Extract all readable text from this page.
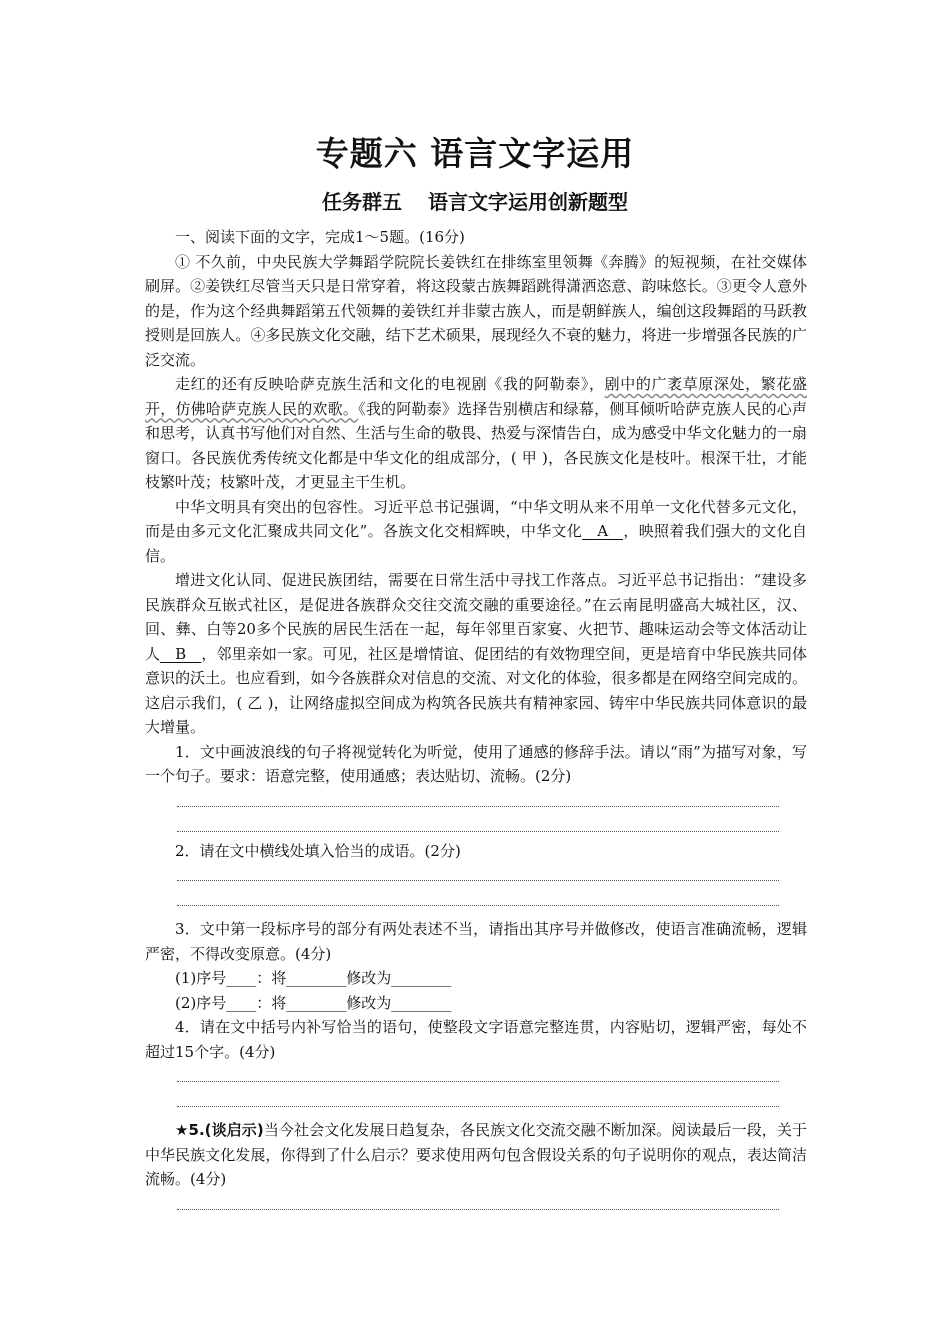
专题六 语言文字运用
任务群五 语言文字运用创新题型

一、阅读下面的文字，完成1～5题。(16分)

① 不久前，中央民族大学舞蹈学院院长姜铁红在排练室里领舞《奔腾》的短视频，在社交媒体刷屏。②姜铁红尽管当天只是日常穿着，将这段蒙古族舞蹈跳得潇洒恣意、韵味悠长。③更令人意外的是，作为这个经典舞蹈第五代领舞的姜铁红并非蒙古族人，而是朝鲜族人，编创这段舞蹈的马跃教授则是回族人。④多民族文化交融，结下艺术硕果，展现经久不衰的魅力，将进一步增强各民族的广泛交流。

走红的还有反映哈萨克族生活和文化的电视剧《我的阿勒泰》，剧中的广袤草原深处，繁花盛开，仿佛哈萨克族人民的欢歌。《我的阿勒泰》选择告别横店和绿幕，侧耳倾听哈萨克族人民的心声和思考，认真书写他们对自然、生活与生命的敬畏、热爱与深情告白，成为感受中华文化魅力的一扇窗口。各民族优秀传统文化都是中华文化的组成部分，( 甲 )，各民族文化是枝叶。根深干壮，才能枝繁叶茂；枝繁叶茂，才更显主干生机。

中华文明具有突出的包容性。习近平总书记强调，“中华文明从来不用单一文化代替多元文化，而是由多元文化汇聚成共同文化”。各族文化交相辉映，中华文化__A__，映照着我们强大的文化自信。

增进文化认同、促进民族团结，需要在日常生活中寻找工作落点。习近平总书记指出：“建设多民族群众互嵌式社区，是促进各族群众交往交流交融的重要途径。”在云南昆明盛高大城社区，汉、回、彝、白等20多个民族的居民生活在一起，每年邻里百家宴、火把节、趣味运动会等文体活动让人__B__，邻里亲如一家。可见，社区是增情谊、促团结的有效物理空间，更是培育中华民族共同体意识的沃土。也应看到，如今各族群众对信息的交流、对文化的体验，很多都是在网络空间完成的。这启示我们，( 乙 )，让网络虚拟空间成为构筑各民族共有精神家园、铸牢中华民族共同体意识的最大增量。

1．文中画波浪线的句子将视觉转化为听觉，使用了通感的修辞手法。请以“雨”为描写对象，写一个句子。要求：语意完整，使用通感；表达贴切、流畅。(2分)

2．请在文中横线处填入恰当的成语。(2分)

3．文中第一段标序号的部分有两处表述不当，请指出其序号并做修改，使语言准确流畅，逻辑严密，不得改变原意。(4分)

(1)序号____：将________修改为________

(2)序号____：将________修改为________

4．请在文中括号内补写恰当的语句，使整段文字语意完整连贯，内容贴切，逻辑严密，每处不超过15个字。(4分)

★5.(谈启示)当今社会文化发展日趋复杂，各民族文化交流交融不断加深。阅读最后一段，关于中华民族文化发展，你得到了什么启示？要求使用两句包含假设关系的句子说明你的观点，表达简洁流畅。(4分)
